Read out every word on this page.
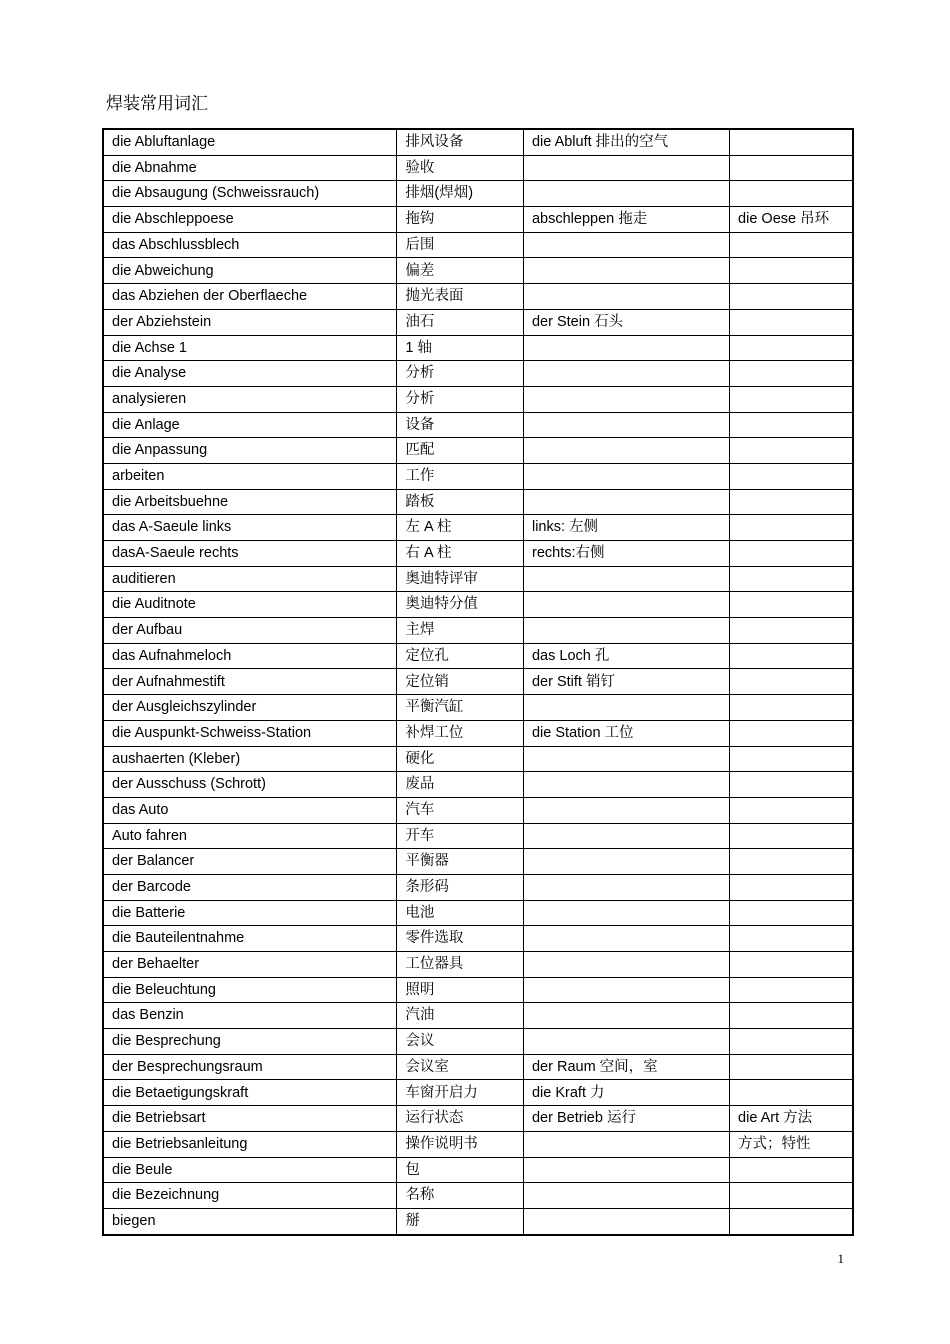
焊装常用词汇
die Abluftanlage	排风设备	die Abluft 排出的空气	
die Abnahme	验收		
die Absaugung (Schweissrauch)	排烟(焊烟)		
die Abschleppoese	拖钩	abschleppen 拖走	die Oese 吊环
das Abschlussblech	后围		
die Abweichung	偏差		
das Abziehen der Oberflaeche	抛光表面		
der Abziehstein	油石	der Stein 石头	
die Achse 1	1 轴		
die Analyse	分析		
analysieren	分析		
die Anlage	设备		
die Anpassung	匹配		
arbeiten	工作		
die Arbeitsbuehne	踏板		
das A-Saeule links	左 A 柱	links: 左侧	
dasA-Saeule rechts	右 A 柱	rechts:右侧	
auditieren	奥迪特评审		
die Auditnote	奥迪特分值		
der Aufbau	主焊		
das Aufnahmeloch	定位孔	das Loch 孔	
der Aufnahmestift	定位销	der Stift 销钉	
der Ausgleichszylinder	平衡汽缸		
die Auspunkt-Schweiss-Station	补焊工位	die Station 工位	
aushaerten (Kleber)	硬化		
der Ausschuss (Schrott)	废品		
das Auto	汽车		
Auto fahren	开车		
der Balancer	平衡器		
der Barcode	条形码		
die Batterie	电池		
die Bauteilentnahme	零件选取		
der Behaelter	工位器具		
die Beleuchtung	照明		
das Benzin	汽油		
die Besprechung	会议		
der Besprechungsraum	会议室	der Raum 空间，室	
die Betaetigungskraft	车窗开启力	die Kraft 力	
die Betriebsart	运行状态	der Betrieb 运行	die Art 方法
die Betriebsanleitung	操作说明书		方式；特性
die Beule	包		
die Bezeichnung	名称		
biegen	掰		
1
